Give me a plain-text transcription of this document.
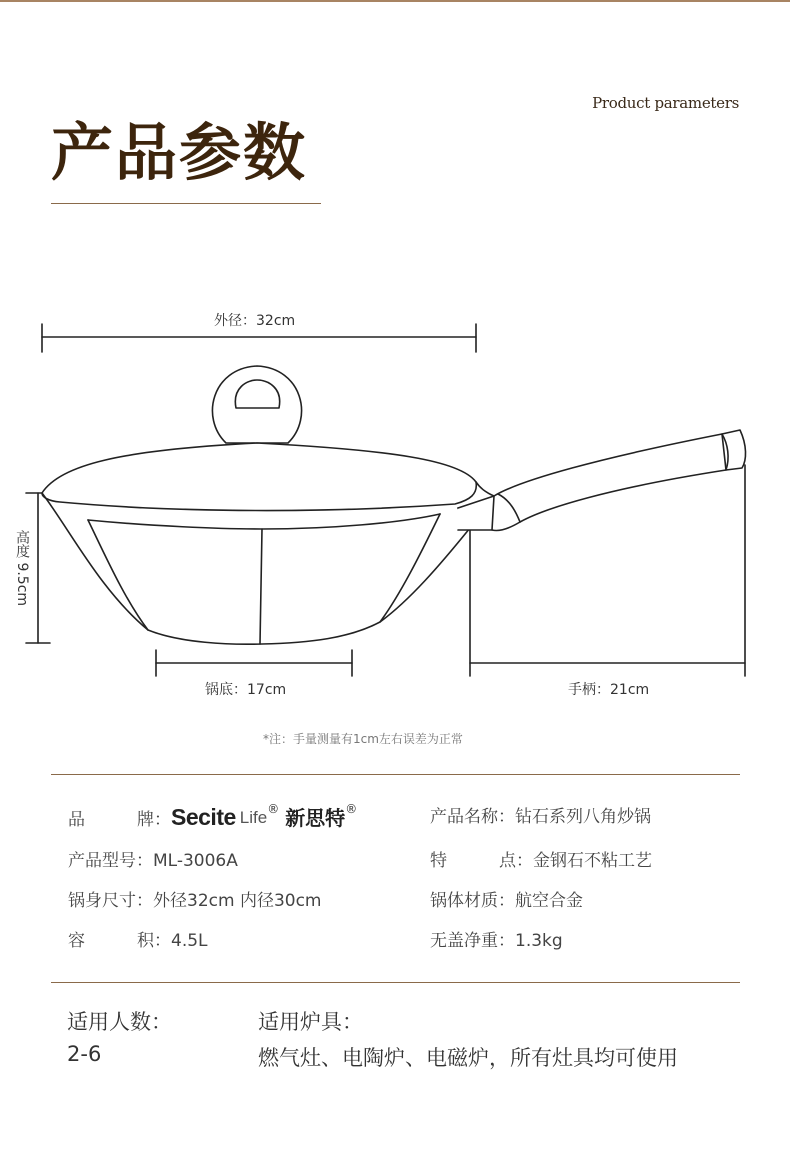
Product parameters
产品参数
外径：32cm
高度 9.5cm
锅底：17cm	手柄：21cm
*注：手量测量有1cm左右误差为正常
品 牌： Secite Life ® 新思特 ®	产品名称：钻石系列八角炒锅
产品型号：ML-3006A	特 点：金钢石不粘工艺
锅身尺寸：外径32cm 内径30cm	锅体材质：航空合金
容 积：4.5L	无盖净重：1.3kg
适用人数：
2-6
适用炉具：
燃气灶、电陶炉、电磁炉，所有灶具均可使用
